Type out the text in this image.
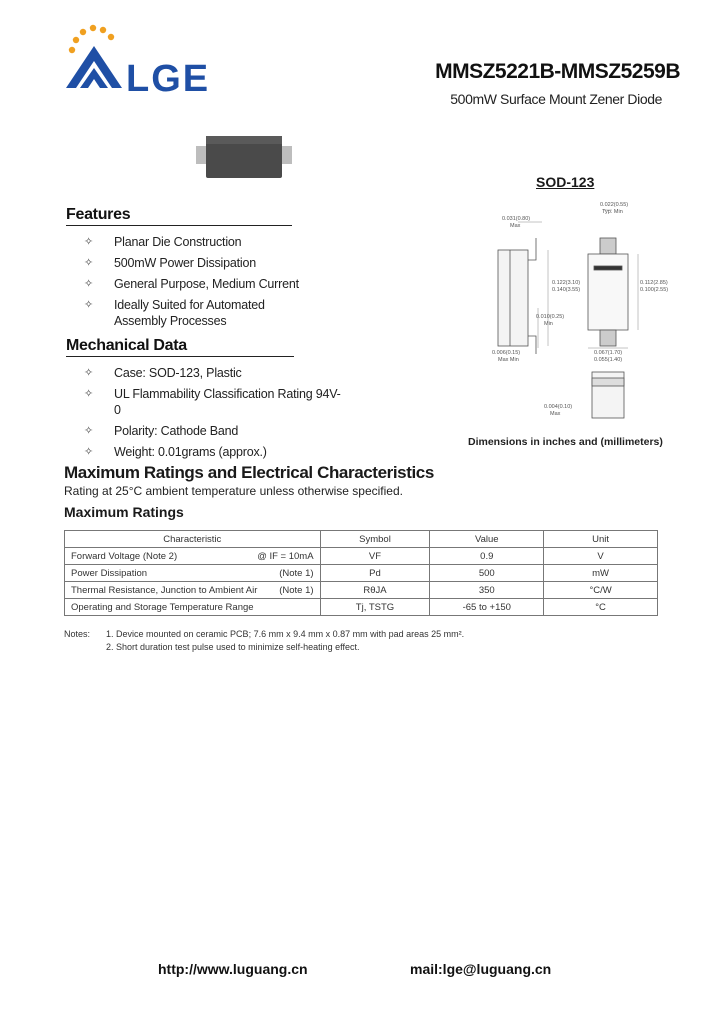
LGE	MMSZ5221B-MMSZ5259B
500mW Surface Mount Zener Diode
Features
✧ Planar Die Construction
✧ 500mW Power Dissipation
✧ General Purpose, Medium Current
✧ Ideally Suited for Automated Assembly Processes
Mechanical Data
✧ Case: SOD-123, Plastic
✧ UL Flammability Classification Rating 94V-0
✧ Polarity: Cathode Band
✧ Weight: 0.01grams (approx.)
SOD-123
0.031(0.80)
Max
0.022(0.55)
Typ. Min
0.122(3.10)
0.140(3.55)
0.112(2.85)
0.100(2.55)
0.010(0.25)
Min
0.006(0.15)
Max Min
0.067(1.70)
0.055(1.40)
0.004(0.10)
Max
Dimensions in inches and (millimeters)
Maximum Ratings and Electrical Characteristics
Rating at 25°C ambient temperature unless otherwise specified.
Maximum Ratings
Characteristic	Symbol	Value	Unit

Forward Voltage (Note 2) @ IF = 10mA	VF	0.9	V

Power Dissipation (Note 1)	Pd	500	mW

Thermal Resistance, Junction to Ambient Air (Note 1)	RθJA	350	°C/W

Operating and Storage Temperature Range	Tj, TSTG	-65 to +150	°C
Notes: 1. Device mounted on ceramic PCB; 7.6 mm x 9.4 mm x 0.87 mm with pad areas 25 mm².
2. Short duration test pulse used to minimize self-heating effect.
http://www.luguang.cn	mail:lge@luguang.cn
